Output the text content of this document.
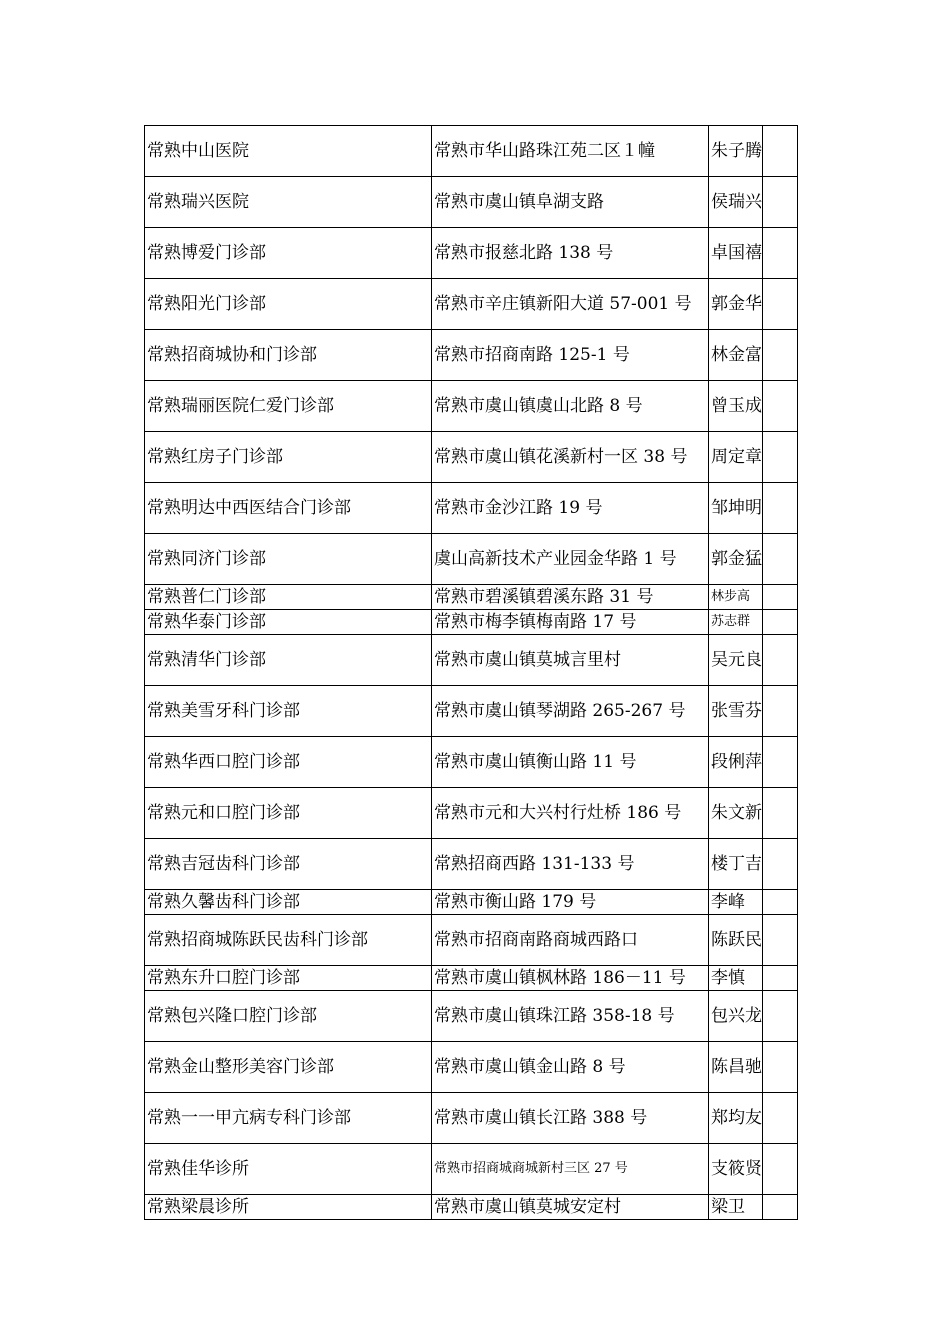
常熟中山医院	常熟市华山路珠江苑二区１幢	朱子腾	
常熟瑞兴医院	常熟市虞山镇阜湖支路	侯瑞兴	
常熟博爱门诊部	常熟市报慈北路 138 号	卓国禧	
常熟阳光门诊部	常熟市辛庄镇新阳大道 57-001 号	郭金华	
常熟招商城协和门诊部	常熟市招商南路 125-1 号	林金富	
常熟瑞丽医院仁爱门诊部	常熟市虞山镇虞山北路 8 号	曾玉成	
常熟红房子门诊部	常熟市虞山镇花溪新村一区 38 号	周定章	
常熟明达中西医结合门诊部	常熟市金沙江路 19 号	邹坤明	
常熟同济门诊部	虞山高新技术产业园金华路 1 号	郭金猛	
常熟普仁门诊部	常熟市碧溪镇碧溪东路 31 号	林步高	
常熟华泰门诊部	常熟市梅李镇梅南路 17 号	苏志群	
常熟清华门诊部	常熟市虞山镇莫城言里村	吴元良	
常熟美雪牙科门诊部	常熟市虞山镇琴湖路 265-267 号	张雪芬	
常熟华西口腔门诊部	常熟市虞山镇衡山路 11 号	段俐萍	
常熟元和口腔门诊部	常熟市元和大兴村行灶桥 186 号	朱文新	
常熟吉冠齿科门诊部	常熟招商西路 131-133 号	楼丁吉	
常熟久馨齿科门诊部	常熟市衡山路 179 号	李峰	
常熟招商城陈跃民齿科门诊部	常熟市招商南路商城西路口	陈跃民	
常熟东升口腔门诊部	常熟市虞山镇枫林路 186－11 号	李慎	
常熟包兴隆口腔门诊部	常熟市虞山镇珠江路 358-18 号	包兴龙	
常熟金山整形美容门诊部	常熟市虞山镇金山路 8 号	陈昌驰	
常熟一一甲亢病专科门诊部	常熟市虞山镇长江路 388 号	郑均友	
常熟佳华诊所	常熟市招商城商城新村三区 27 号	支筱贤	
常熟梁晨诊所	常熟市虞山镇莫城安定村	梁卫	
